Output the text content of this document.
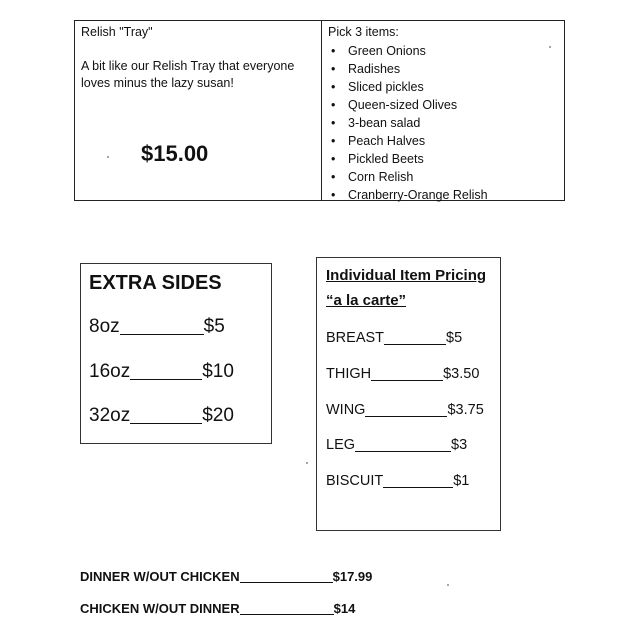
Relish "Tray"
A bit like our Relish Tray that everyone loves minus the lazy susan!
$15.00
Pick 3 items:
• Green Onions
• Radishes
• Sliced pickles
• Queen-sized Olives
• 3-bean salad
• Peach Halves
• Pickled Beets
• Corn Relish
• Cranberry-Orange Relish
EXTRA SIDES
8oz	$5
16oz	$10
32oz	$20
Individual Item Pricing
“a la carte”
BREAST	$5
THIGH	$3.50
WING	$3.75
LEG	$3
BISCUIT	$1
DINNER W/OUT CHICKEN	$17.99
CHICKEN W/OUT DINNER	$14
